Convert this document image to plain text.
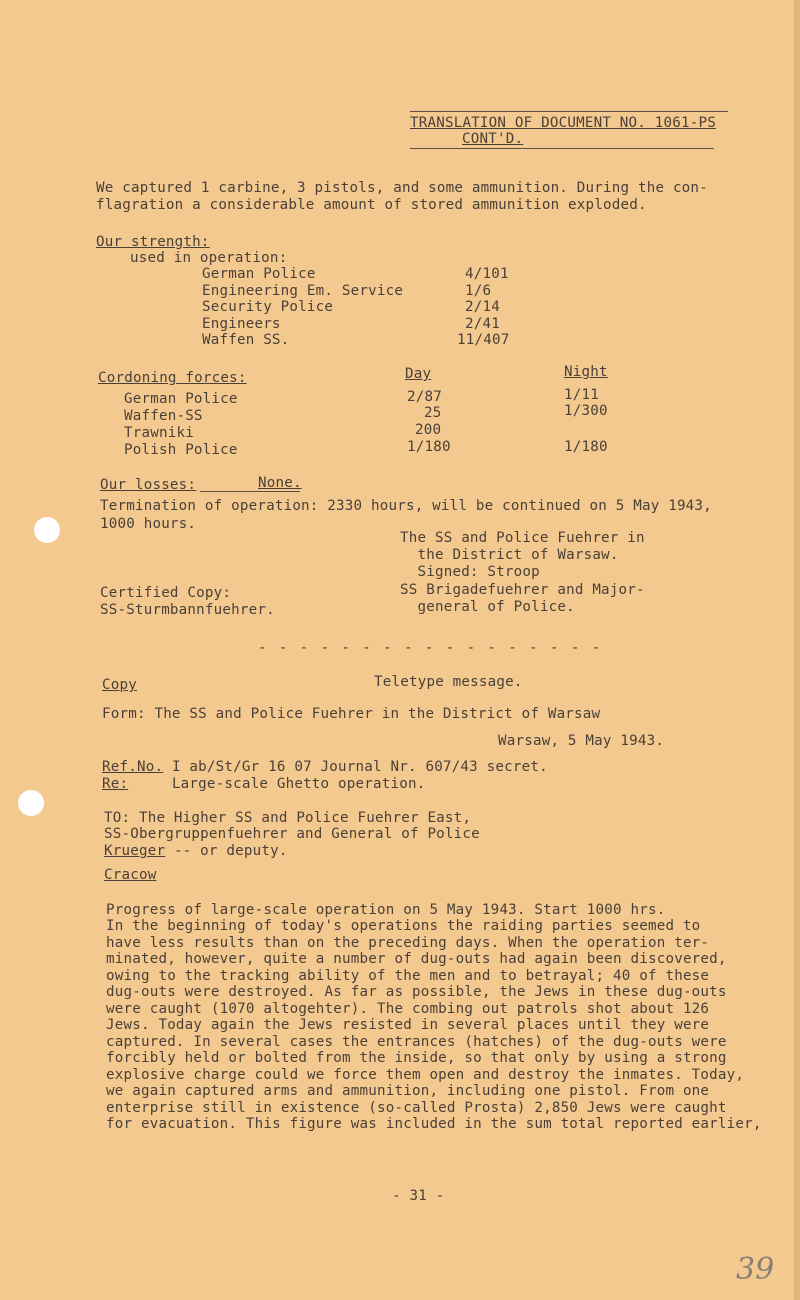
TRANSLATION OF DOCUMENT NO. 1061-PS
CONT'D.
We captured 1 carbine, 3 pistols, and some ammunition. During the con-
flagration a considerable amount of stored ammunition exploded.
Our strength:
used in operation:
German Police	4/101
Engineering Em. Service	1/6
Security Police	2/14
Engineers	2/41
Waffen SS.	11/407
Cordoning forces:	Day	Night
German Police	2/87	1/11
Waffen-SS	25	1/300
Trawniki	200
Polish Police	1/180	1/180
Our losses:	None.
Termination of operation: 2330 hours, will be continued on 5 May 1943,
1000 hours.
The SS and Police Fuehrer in
the District of Warsaw.
Signed: Stroop
SS Brigadefuehrer and Major-
general of Police.
Certified Copy:
SS-Sturmbannfuehrer.
- - - - - - - - - - - - - - - - -
Copy	Teletype message.
Form: The SS and Police Fuehrer in the District of Warsaw
Warsaw, 5 May 1943.
Ref.No. I ab/St/Gr 16 07 Journal Nr. 607/43 secret.
Re:     Large-scale Ghetto operation.
TO: The Higher SS and Police Fuehrer East,
SS-Obergruppenfuehrer and General of Police
Krueger -- or deputy.
Cracow
Progress of large-scale operation on 5 May 1943. Start 1000 hrs.
In the beginning of today's operations the raiding parties seemed to
have less results than on the preceding days. When the operation ter-
minated, however, quite a number of dug-outs had again been discovered,
owing to the tracking ability of the men and to betrayal; 40 of these
dug-outs were destroyed. As far as possible, the Jews in these dug-outs
were caught (1070 altogehter). The combing out patrols shot about 126
Jews. Today again the Jews resisted in several places until they were
captured. In several cases the entrances (hatches) of the dug-outs were
forcibly held or bolted from the inside, so that only by using a strong
explosive charge could we force them open and destroy the inmates. Today,
we again captured arms and ammunition, including one pistol. From one
enterprise still in existence (so-called Prosta) 2,850 Jews were caught
for evacuation. This figure was included in the sum total reported earlier,
- 31 -
39
